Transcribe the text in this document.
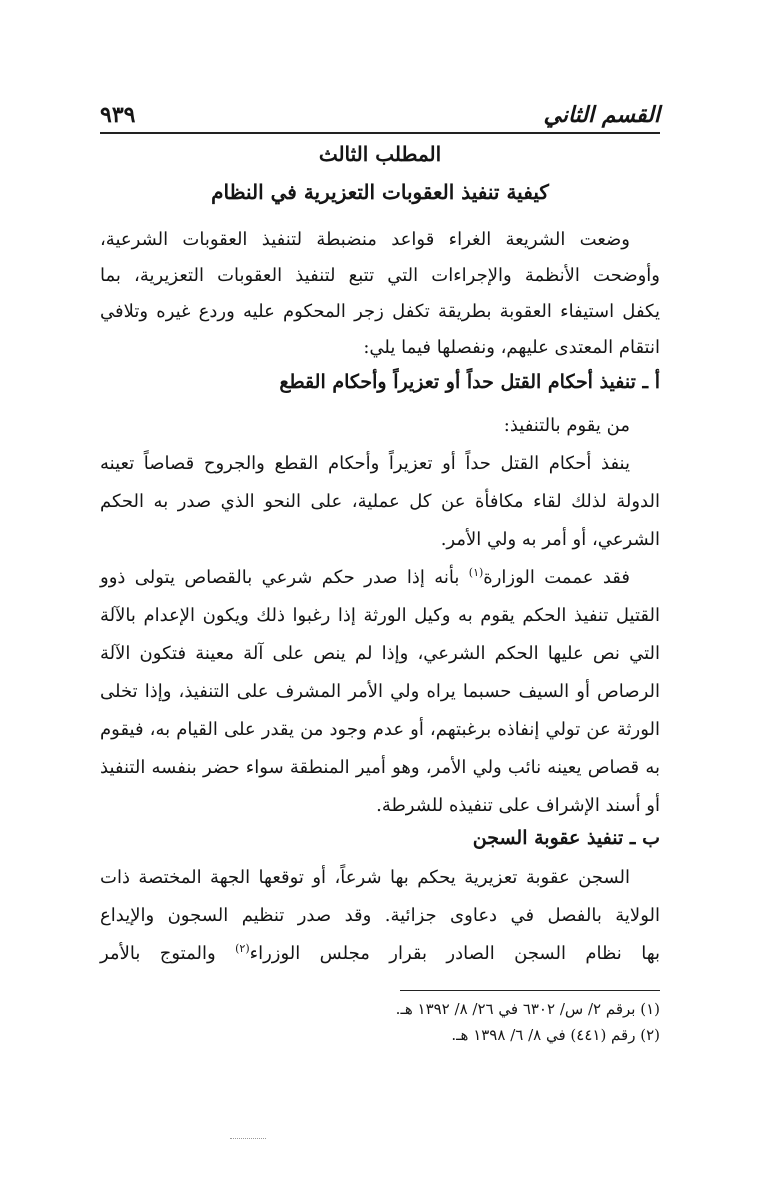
القسم الثاني
٩٣٩
المطلب الثالث
كيفية تنفيذ العقوبات التعزيرية في النظام
وضعت الشريعة الغراء قواعد منضبطة لتنفيذ العقوبات الشرعية،
وأوضحت الأنظمة والإجراءات التي تتبع لتنفيذ العقوبات التعزيرية، بما
يكفل استيفاء العقوبة بطريقة تكفل زجر المحكوم عليه وردع غيره وتلافي
انتقام المعتدى عليهم، ونفصلها فيما يلي:
أ ـ تنفيذ أحكام القتل حداً أو تعزيراً وأحكام القطع
من يقوم بالتنفيذ:
ينفذ أحكام القتل حداً أو تعزيراً وأحكام القطع والجروح قصاصاً تعينه
الدولة لذلك لقاء مكافأة عن كل عملية، على النحو الذي صدر به الحكم
الشرعي، أو أمر به ولي الأمر.
فقد عممت الوزارة$^{(١)}$ بأنه إذا صدر حكم شرعي بالقصاص يتولى ذوو
القتيل تنفيذ الحكم يقوم به وكيل الورثة إذا رغبوا ذلك ويكون الإعدام بالآلة
التي نص عليها الحكم الشرعي، وإذا لم ينص على آلة معينة فتكون الآلة
الرصاص أو السيف حسبما يراه ولي الأمر المشرف على التنفيذ، وإذا تخلى
الورثة عن تولي إنفاذه برغبتهم، أو عدم وجود من يقدر على القيام به، فيقوم
به قصاص يعينه نائب ولي الأمر، وهو أمير المنطقة سواء حضر بنفسه التنفيذ
أو أسند الإشراف على تنفيذه للشرطة.
ب ـ تنفيذ عقوبة السجن
السجن عقوبة تعزيرية يحكم بها شرعاً، أو توقعها الجهة المختصة ذات
الولاية بالفصل في دعاوى جزائية. وقد صدر تنظيم السجون والإيداع
بها نظام السجن الصادر بقرار مجلس الوزراء$^{(٢)}$ والمتوج بالأمر
(١) برقم ٢/ س/ ٦٣٠٢ في ٢٦/ ٨/ ١٣٩٢ هـ.
(٢) رقم (٤٤١) في ٨/ ٦/ ١٣٩٨ هـ.
